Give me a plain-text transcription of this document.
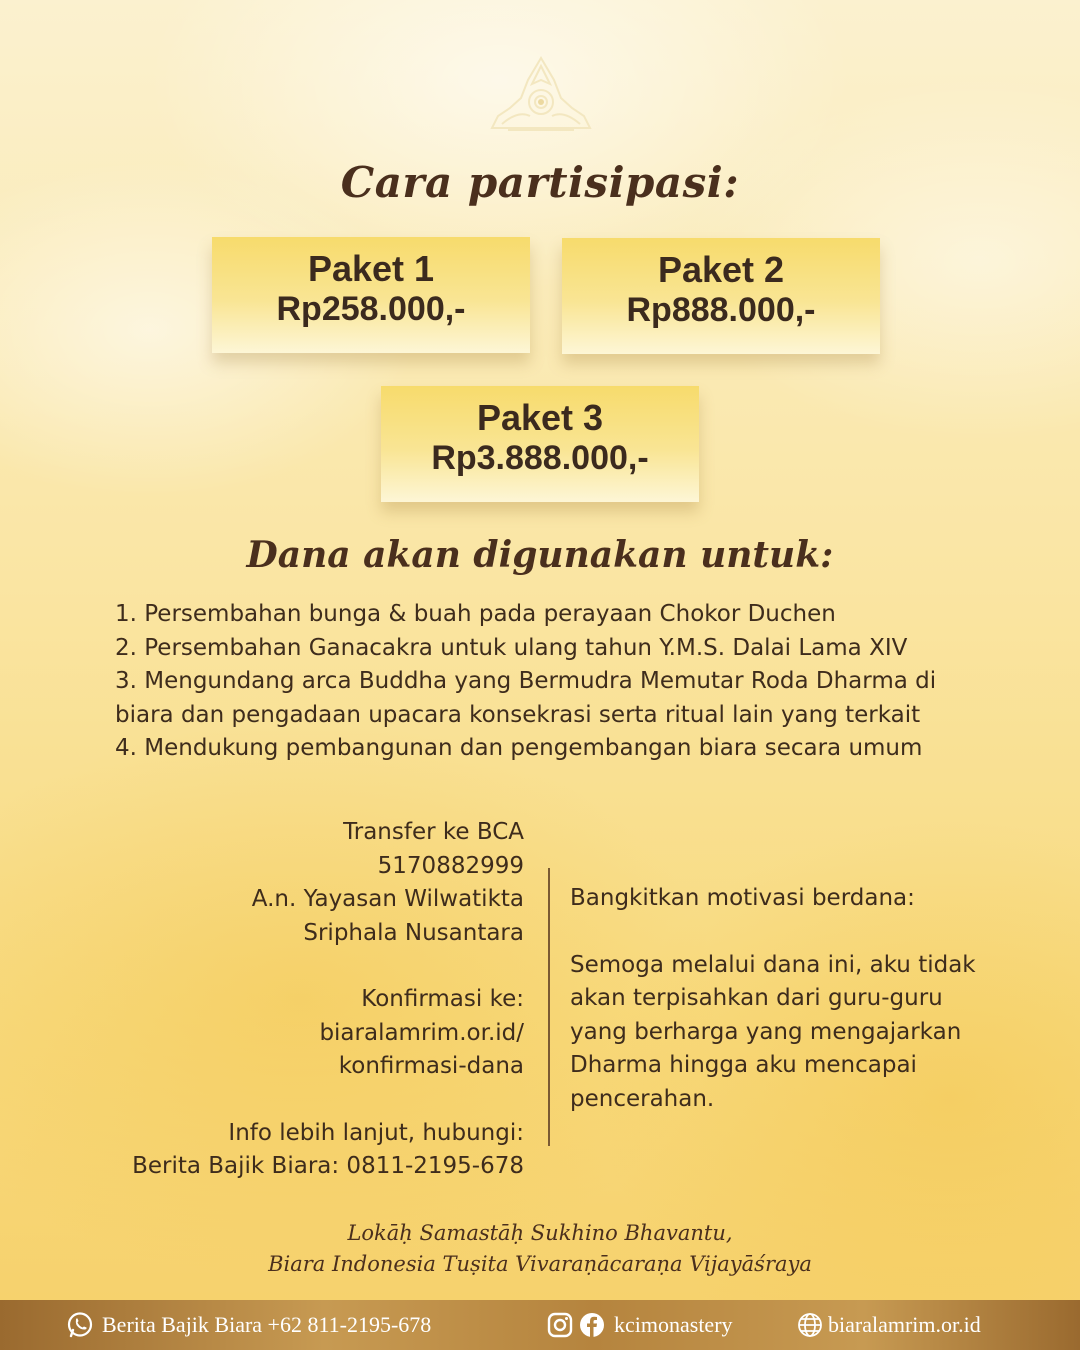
Cara partisipasi:
Paket 1
Rp258.000,-
Paket 2
Rp888.000,-
Paket 3
Rp3.888.000,-
Dana akan digunakan untuk:
1. Persembahan bunga & buah pada perayaan Chokor Duchen
2. Persembahan Ganacakra untuk ulang tahun Y.M.S. Dalai Lama XIV
3. Mengundang arca Buddha yang Bermudra Memutar Roda Dharma di
biara dan pengadaan upacara konsekrasi serta ritual lain yang terkait
4. Mendukung pembangunan dan pengembangan biara secara umum
Transfer ke BCA
5170882999
A.n. Yayasan Wilwatikta
Sriphala Nusantara
Konfirmasi ke:
biaralamrim.or.id/
konfirmasi-dana
Info lebih lanjut, hubungi:
Berita Bajik Biara: 0811-2195-678
Bangkitkan motivasi berdana:
Semoga melalui dana ini, aku tidak
akan terpisahkan dari guru-guru
yang berharga yang mengajarkan
Dharma hingga aku mencapai
pencerahan.
Lokāḥ Samastāḥ Sukhino Bhavantu,
Biara Indonesia Tuṣita Vivaraṇācaraṇa Vijayāśraya
Berita Bajik Biara +62 811-2195-678	kcimonastery	biaralamrim.or.id
